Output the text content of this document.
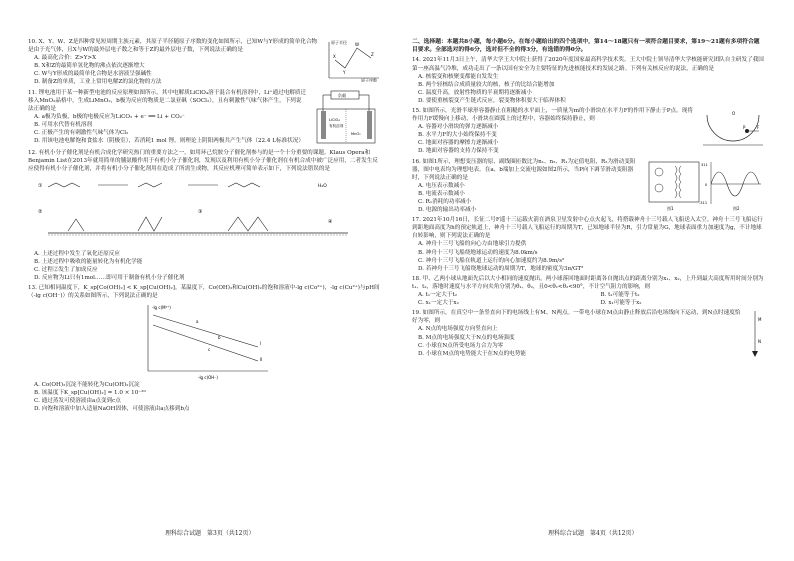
10. X、Y、W、Z是四种常见短周期主族元素，其原子半径随原子序数的变化如图所示，已知W与Y形成的简单化合物是由于光气体，且X与W的最外层电子数之和等于Z的最外层电子数，下列说法正确的是
A. 最高化合价：Z>Y>X
B. X和Z的最简单氢化物的沸点依次逐渐增大
C. W与Y形成的最简单化合物是水溶液呈强碱性
D. 制备Z的单质，工业上常用电解Z的氯化物的方法
原子半径
原子序数
X
Y
W
Z
11. 锂电池用于某一种新型电池的反应原理如图所示，其中电解质LiClO₄溶于混合有机溶剂中，Li⁺通过电解质迁移入MnO₂晶格中，生成LiMnO₂，b极为反应的物质是二氯亚砜（SOCl₂），且有刺激性气味气体产生，下列说法正确的是
A. a极为负极，b极的电极反应为LiCO₂ + e⁻ ══ Li + CO₂⁻
B. 可用水代替有机溶剂
C. 正极产生的有刺激性气味气体为Cl₂
D. 用该电池电解饱和食盐水（阴极室），若消耗1 mol 锂，则理论上阴阳两极共产生气体（22.4 L标准状况）
负载
LiClO₄
有机溶剂
MnO₂
12. 有机小分子催化剂是有机合成化学研究热门的重要方法之一，如用环己烷胺分子催化剂参与的是一个十分重要的课题。Klaus Opera和Benjamin List在2013年就用简单的脯氨酸作用于有机小分子催化剂，发现以及利用有机小分子催化剂在有机合成中被广泛应用，二者发生反应使得有机小分子催化剂，并将有机小分子催化剂用在造成了所需生成物，其反应机理可简单表示如下，下列说法错误的是
①	H₂O
②	③
④
A. 上述过程中发生了氧化还原反应
B. 上述过程中吸收的能量转化为有机化学能
C. 过程②发生了加成反应
D. 反应物为Li只有1mol……即可用于制备有机小分子催化剂
13. 已知相同温度下，K_sp[Co(OH)₂] < K_sp[Cu(OH)₂]。某温度下，Co(OH)₂和Cu(OH)₂的饱和溶液中-lg c(Co²⁺)，-lg c(Cu²⁺)与pH间（-lg c(OH⁻)）的关系如图所示，下列说法正确的是
-lg c(M²⁺)
-lg c(OH⁻)
a
b
c
Ⅰ
Ⅱ
A. Co(OH)₂沉淀不能转化为Cu(OH)₂沉淀
B. 该温度下K_sp[Cu(OH)₂] = 1.0 × 10⁻²⁰
C. 通过蒸发可使溶液由a点变到c点
D. 向饱和溶液中加入适量NaOH固体，可使溶液由a点移到b点
二、选择题：本题共8小题，每小题6分。在每小题给出的四个选项中，第14～18题只有一项符合题目要求，第19～21题有多项符合题目要求。全部选对的得6分，选对但不全的得3分，有选错的得0分。
14. 2021年11月3日上午，清华大学王大中院士获得了2020年度国家最高科学技术奖。王大中院士领导清华大学核能研究团队自主研发了我国第一座高温气冷堆，成功走出了一条以国有安全为主要特征的先进核能技术的发展之路。下列有关核反应的说法，正确的是
A. 核裂变和核聚变都能自发发生
B. 两个轻核结合成质量较大的核，核子的比结合能增加
C. 温度升高，放射性物质的半衰期将逐渐减小
D. 要使重核裂变产生链式反应，裂变物体积要大于临界体积
15. 如图所示，光滑半球形容器静止在粗糙的水平面上，一质量为m的小滑块在水平力F的作用下静止于P点。现将作用力F缓慢向上移动，小滑块在圆弧上的过程中，容器始终保持静止，则
A. 容器对小滑块的弹力逐渐减小
B. 水平力F的大小始终保持不变
C. 地面对容器的摩擦力逐渐减小
D. 地面对容器的支持力保持不变
O
P	F
16. 如图1所示，理想变压器的原、副线圈匝数比为n₁、n₂、R₁为定值电阻，R₂为滑动变阻器，图中电表均为理想电表。在a、b端加上交流电源如图2所示，当P向下调节滑动变阻器时，下列说法正确的是
A. 电压表示数减小
B. 电流表示数减小
C. R₁消耗的功率减小
D. 电源的输出功率减小	图1
311
0
-311
图2
17. 2021年10月16日，长征二号F遥十三运载火箭在酒泉卫星发射中心点火起飞，将搭载神舟十三号载人飞船送入太空。神舟十三号飞船运行到距地面高度为h的预定轨道上，神舟十三号载人飞船运行的周期为T，已知地球半径为R，引力常量为G，地球表面重力加速度为g，不计地球自转影响，则下列说法正确的是
A. 神舟十三号飞船的向心力由地球引力提供
B. 神舟十三号飞船绕地球运动的速度为8.0km/s
C. 神舟十三号飞船在轨道上运行的向心加速度约为8.9m/s²
D. 若神舟十三号飞船绕地球运动的周期为T，地球的密度为3π/GT²
18. 甲、乙两小球从地面先后以大小相同的速度抛出，两小球落回地面时距离各自抛出点的距离分别为x₁、x₂，上升到最大高度所用时间分别为t₁、t₂，落地时速度与水平方向夹角分别为θ₁、θ₂，且0<θ₁<θ₂<90°，不计空气阻力的影响，则
A. t₁一定大于t₂	B. t₁可能等于t₂
C. x₁一定大于x₂	D. x₁可能等于x₂
19. 如图所示，在真空中一条竖直向下的电场线上有M、N两点。一带电小球在M点由静止释放后沿电场线向下运动，到N点时速度恰好为零，则
A. N点的电场强度方向竖直向上
B. M点的电场强度大于N点的电场强度
C. 小球在N点所受电场力合力为零
D. 小球在M点的电势能大于在N点的电势能
M
N
理科综合试题　第3页（共12页）	理科综合试题　第4页（共12页）
